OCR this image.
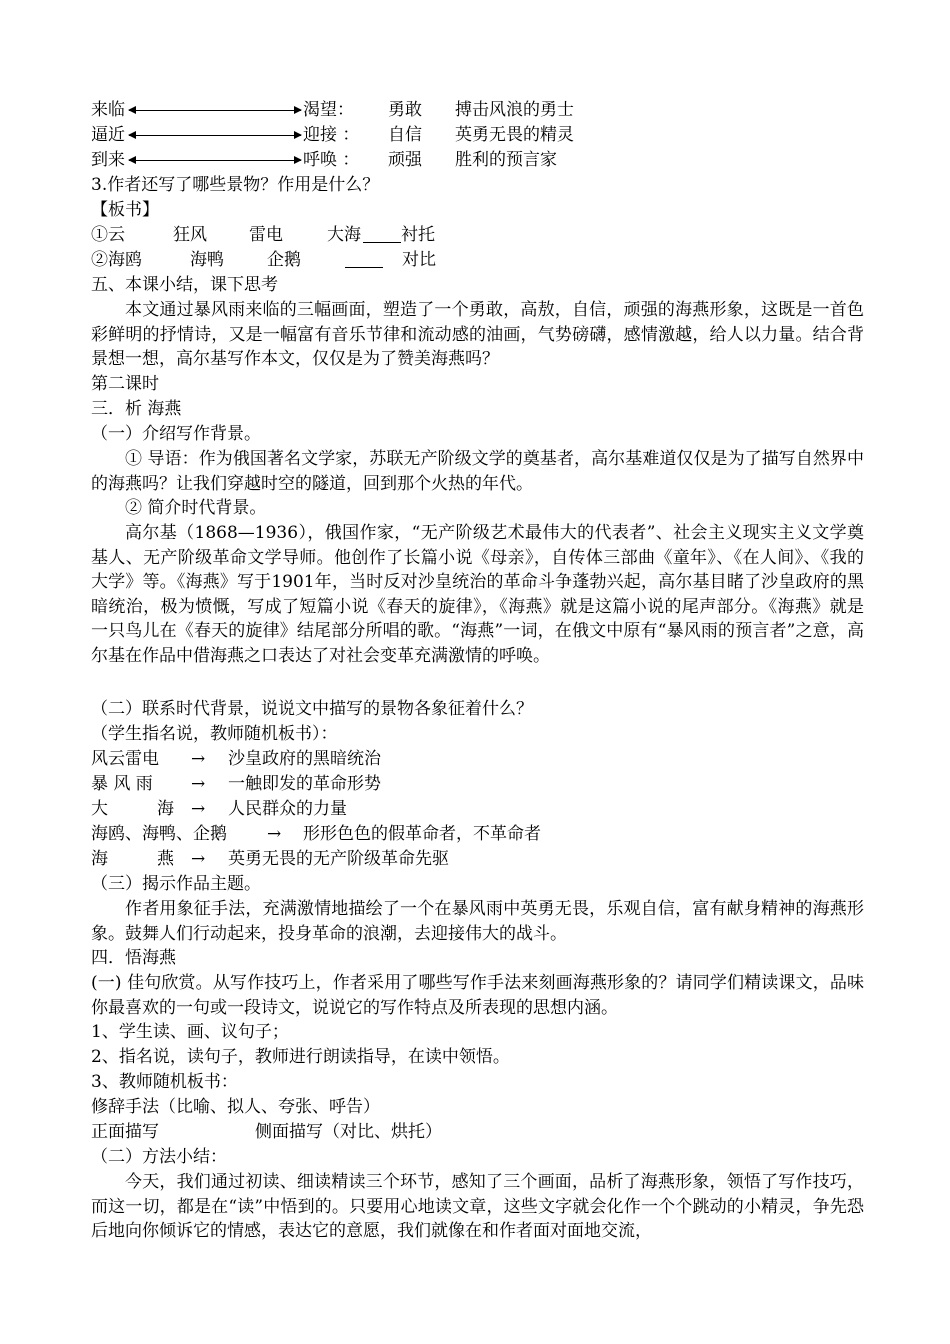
来临	渴望： 勇敢 搏击风浪的勇士
逼近	迎接 ： 自信 英勇无畏的精灵
到来	呼唤 ： 顽强 胜利的预言家
3.作者还写了哪些景物？作用是什么？
【板书】
①云	狂风 雷电	大海 衬托
②海鸥	海鸭	企鹅	对比
五、本课小结，课下思考
本文通过暴风雨来临的三幅画面，塑造了一个勇敢，高敖，自信，顽强的海燕形象，这既是一首色彩鲜明的抒情诗，又是一幅富有音乐节律和流动感的油画，气势磅礴，感情激越，给人以力量。结合背景想一想，高尔基写作本文，仅仅是为了赞美海燕吗？
第二课时
三．析 海燕
（一）介绍写作背景。
① 导语：作为俄国著名文学家，苏联无产阶级文学的奠基者，高尔基难道仅仅是为了描写自然界中的海燕吗？让我们穿越时空的隧道，回到那个火热的年代。
② 简介时代背景。
高尔基（1868—1936），俄国作家，“无产阶级艺术最伟大的代表者”、社会主义现实主义文学奠基人、无产阶级革命文学导师。他创作了长篇小说《母亲》，自传体三部曲《童年》、《在人间》、《我的大学》等。《海燕》写于1901年，当时反对沙皇统治的革命斗争蓬勃兴起，高尔基目睹了沙皇政府的黑暗统治，极为愤慨，写成了短篇小说《春天的旋律》，《海燕》就是这篇小说的尾声部分。《海燕》就是一只鸟儿在《春天的旋律》结尾部分所唱的歌。“海燕”一词，在俄文中原有“暴风雨的预言者”之意，高尔基在作品中借海燕之口表达了对社会变革充满激情的呼唤。
（二）联系时代背景，说说文中描写的景物各象征着什么？
（学生指名说，教师随机板书）：
风云雷电 → 沙皇政府的黑暗统治
暴 风 雨 → 一触即发的革命形势
大	海 → 人民群众的力量
海鸥、海鸭、企鹅 → 形形色色的假革命者，不革命者
海	燕 → 英勇无畏的无产阶级革命先驱
（三）揭示作品主题。
作者用象征手法，充满激情地描绘了一个在暴风雨中英勇无畏，乐观自信，富有献身精神的海燕形象。鼓舞人们行动起来，投身革命的浪潮，去迎接伟大的战斗。
四．悟海燕
(一) 佳句欣赏。从写作技巧上，作者采用了哪些写作手法来刻画海燕形象的？请同学们精读课文，品味你最喜欢的一句或一段诗文，说说它的写作特点及所表现的思想内涵。
1、学生读、画、议句子；
2、指名说，读句子，教师进行朗读指导，在读中领悟。
3、教师随机板书：
修辞手法（比喻、拟人、夸张、呼告）
正面描写	侧面描写（对比、烘托）
（二）方法小结：
今天，我们通过初读、细读精读三个环节，感知了三个画面，品析了海燕形象，领悟了写作技巧，而这一切，都是在“读”中悟到的。只要用心地读文章，这些文字就会化作一个个跳动的小精灵，争先恐后地向你倾诉它的情感，表达它的意愿，我们就像在和作者面对面地交流，
